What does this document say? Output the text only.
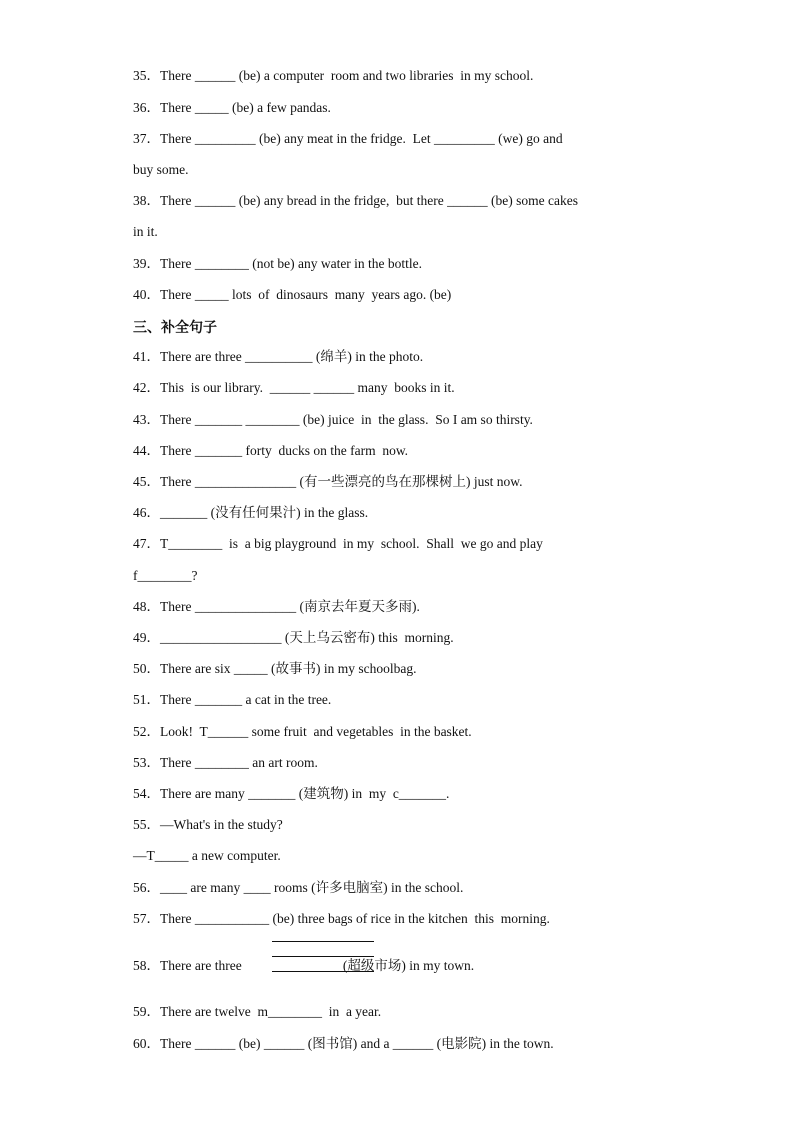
35．There ______ (be) a computer  room and two libraries  in my school.
36．There _____ (be) a few pandas.
37．There _________ (be) any meat in the fridge.  Let _________ (we) go and
buy some.
38．There ______ (be) any bread in the fridge,  but there ______ (be) some cakes
in it.
39．There ________ (not be) any water in the bottle.
40．There _____ lots  of  dinosaurs  many  years ago. (be)
三、补全句子
41．There are three __________ (绵羊) in the photo.
42．This  is our library.  ______ ______ many  books in it.
43．There _______ ________ (be) juice  in  the glass.  So I am so thirsty.
44．There _______ forty  ducks on the farm  now.
45．There _______________ (有一些漂亮的鸟在那棵树上) just now.
46．_______ (没有任何果汁) in the glass.
47．T________  is  a big playground  in my  school.  Shall  we go and play
f________?
48．There _______________ (南京去年夏天多雨).
49．__________________ (天上乌云密布) this  morning.
50．There are six _____ (故事书) in my schoolbag.
51．There _______ a cat in the tree.
52．Look!  T______ some fruit  and vegetables  in the basket.
53．There ________ an art room.
54．There are many _______ (建筑物) in  my  c_______.
55．—What's in the study?
—T_____ a new computer.
56．____ are many ____ rooms (许多电脑室) in the school.
57．There ___________ (be) three bags of rice in the kitchen  this  morning.
58．There are three                              (超级市场) in my town.
59．There are twelve  m________  in  a year.
60．There ______ (be) ______ (图书馆) and a ______ (电影院) in the town.
